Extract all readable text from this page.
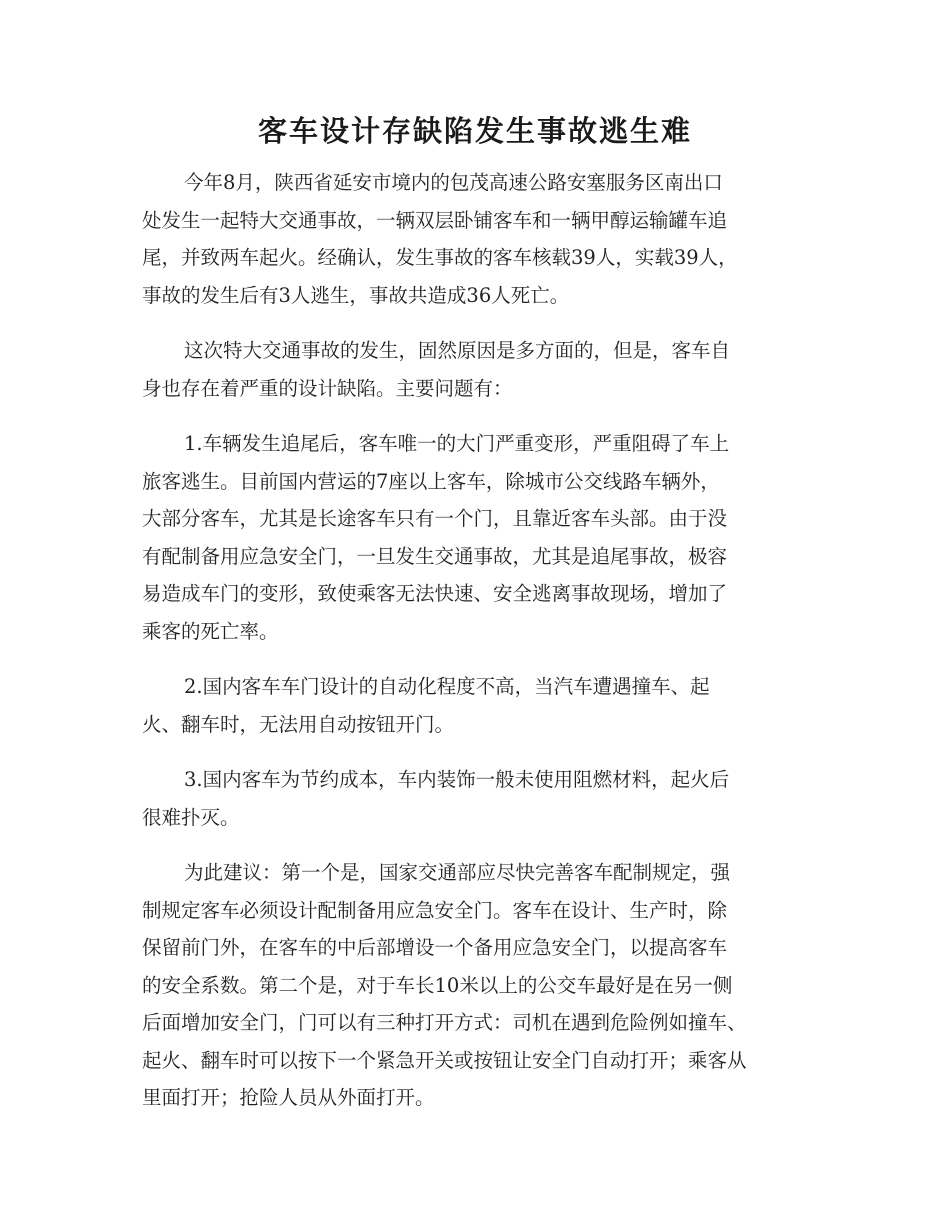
客车设计存缺陷发生事故逃生难

今年8月，陕西省延安市境内的包茂高速公路安塞服务区南出口
处发生一起特大交通事故，一辆双层卧铺客车和一辆甲醇运输罐车追
尾，并致两车起火。经确认，发生事故的客车核载39人，实载39人，
事故的发生后有3人逃生，事故共造成36人死亡。

这次特大交通事故的发生，固然原因是多方面的，但是，客车自
身也存在着严重的设计缺陷。主要问题有：

1.车辆发生追尾后，客车唯一的大门严重变形，严重阻碍了车上
旅客逃生。目前国内营运的7座以上客车，除城市公交线路车辆外，
大部分客车，尤其是长途客车只有一个门，且靠近客车头部。由于没
有配制备用应急安全门，一旦发生交通事故，尤其是追尾事故，极容
易造成车门的变形，致使乘客无法快速、安全逃离事故现场，增加了
乘客的死亡率。

2.国内客车车门设计的自动化程度不高，当汽车遭遇撞车、起
火、翻车时，无法用自动按钮开门。

3.国内客车为节约成本，车内装饰一般未使用阻燃材料，起火后
很难扑灭。

为此建议：第一个是，国家交通部应尽快完善客车配制规定，强
制规定客车必须设计配制备用应急安全门。客车在设计、生产时，除
保留前门外，在客车的中后部增设一个备用应急安全门，以提高客车
的安全系数。第二个是，对于车长10米以上的公交车最好是在另一侧
后面增加安全门，门可以有三种打开方式：司机在遇到危险例如撞车、
起火、翻车时可以按下一个紧急开关或按钮让安全门自动打开；乘客从
里面打开；抢险人员从外面打开。
